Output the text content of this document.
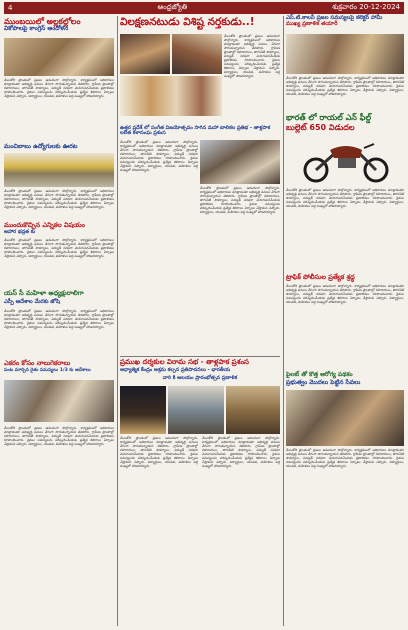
4	ఆంధ్రజ్యోతి	శుక్రవారం 20-12-2024
ముంబయిలో అల్లకల్లోలం
వికోపాలపై కాంగ్రెస్ ఆందోళన
మేలుకోరి ప్రాంతంలో ప్రజలు ఆనందంగా పాల్గొన్నారు. కార్యక్రమంలో అధికారులు మాట్లాడుతూ అభివృద్ధి పనులు వేగంగా సాగుతున్నాయని తెలిపారు. గ్రామీణ ప్రాంతాల్లో రహదారులు, తాగునీటి సౌకర్యాలు, విద్యుత్ సరఫరా మెరుగుపరచేందుకు ప్రణాళికలు రూపొందించారు. రైతుల సమస్యలను పరిష్కరించేందుకు ప్రత్యేక శిబిరాలు ఏర్పాటు చేస్తామని చెప్పారు. విద్యార్థులు, యువత, మహిళలు పెద్ద సంఖ్యలో హాజరయ్యారు.
మంచిబాబు ఉద్యోగులకు ఊరట
మేలుకోరి ప్రాంతంలో ప్రజలు ఆనందంగా పాల్గొన్నారు. కార్యక్రమంలో అధికారులు మాట్లాడుతూ అభివృద్ధి పనులు వేగంగా సాగుతున్నాయని తెలిపారు. గ్రామీణ ప్రాంతాల్లో రహదారులు, తాగునీటి సౌకర్యాలు, విద్యుత్ సరఫరా మెరుగుపరచేందుకు ప్రణాళికలు రూపొందించారు. రైతుల సమస్యలను పరిష్కరించేందుకు ప్రత్యేక శిబిరాలు ఏర్పాటు చేస్తామని చెప్పారు. విద్యార్థులు, యువత, మహిళలు పెద్ద సంఖ్యలో హాజరయ్యారు.
ముందుకొచ్చిన ఎన్నికల విషయం
ఆహార భద్రత కు
మేలుకోరి ప్రాంతంలో ప్రజలు ఆనందంగా పాల్గొన్నారు. కార్యక్రమంలో అధికారులు మాట్లాడుతూ అభివృద్ధి పనులు వేగంగా సాగుతున్నాయని తెలిపారు. గ్రామీణ ప్రాంతాల్లో రహదారులు, తాగునీటి సౌకర్యాలు, విద్యుత్ సరఫరా మెరుగుపరచేందుకు ప్రణాళికలు రూపొందించారు. రైతుల సమస్యలను పరిష్కరించేందుకు ప్రత్యేక శిబిరాలు ఏర్పాటు చేస్తామని చెప్పారు. విద్యార్థులు, యువత, మహిళలు పెద్ద సంఖ్యలో హాజరయ్యారు.
యస్ సీ మహిళా అధ్యక్షురాలిగా
ఎస్పీ ఆదేశాల మేరకు జోషి
మేలుకోరి ప్రాంతంలో ప్రజలు ఆనందంగా పాల్గొన్నారు. కార్యక్రమంలో అధికారులు మాట్లాడుతూ అభివృద్ధి పనులు వేగంగా సాగుతున్నాయని తెలిపారు. గ్రామీణ ప్రాంతాల్లో రహదారులు, తాగునీటి సౌకర్యాలు, విద్యుత్ సరఫరా మెరుగుపరచేందుకు ప్రణాళికలు రూపొందించారు. రైతుల సమస్యలను పరిష్కరించేందుకు ప్రత్యేక శిబిరాలు ఏర్పాటు చేస్తామని చెప్పారు. విద్యార్థులు, యువత, మహిళలు పెద్ద సంఖ్యలో హాజరయ్యారు.
ఎకరం కోసం నాలుగెకరాలు
పంట మార్చిన రైతు సమస్యలు 1/3 కు ఆదేశాలు
మేలుకోరి ప్రాంతంలో ప్రజలు ఆనందంగా పాల్గొన్నారు. కార్యక్రమంలో అధికారులు మాట్లాడుతూ అభివృద్ధి పనులు వేగంగా సాగుతున్నాయని తెలిపారు. గ్రామీణ ప్రాంతాల్లో రహదారులు, తాగునీటి సౌకర్యాలు, విద్యుత్ సరఫరా మెరుగుపరచేందుకు ప్రణాళికలు రూపొందించారు. రైతుల సమస్యలను పరిష్కరించేందుకు ప్రత్యేక శిబిరాలు ఏర్పాటు చేస్తామని చెప్పారు. విద్యార్థులు, యువత, మహిళలు పెద్ద సంఖ్యలో హాజరయ్యారు.
విలక్షణనటుడు విశిష్ట నర్తకుడు..!
మేలుకోరి ప్రాంతంలో ప్రజలు ఆనందంగా పాల్గొన్నారు. కార్యక్రమంలో అధికారులు మాట్లాడుతూ అభివృద్ధి పనులు వేగంగా సాగుతున్నాయని తెలిపారు. గ్రామీణ ప్రాంతాల్లో రహదారులు, తాగునీటి సౌకర్యాలు, విద్యుత్ సరఫరా మెరుగుపరచేందుకు ప్రణాళికలు రూపొందించారు. రైతుల సమస్యలను పరిష్కరించేందుకు ప్రత్యేక శిబిరాలు ఏర్పాటు చేస్తామని చెప్పారు. విద్యార్థులు, యువత, మహిళలు పెద్ద సంఖ్యలో హాజరయ్యారు.
ఉత్తర ప్రదేశ్ లో సంగీత విజయోత్సవం సాగిన మహా బాలికల ప్రతిభ - తాళ్లపాక లలిత కళాసంఘ ప్రశంస
మేలుకోరి ప్రాంతంలో ప్రజలు ఆనందంగా పాల్గొన్నారు. కార్యక్రమంలో అధికారులు మాట్లాడుతూ అభివృద్ధి పనులు వేగంగా సాగుతున్నాయని తెలిపారు. గ్రామీణ ప్రాంతాల్లో రహదారులు, తాగునీటి సౌకర్యాలు, విద్యుత్ సరఫరా మెరుగుపరచేందుకు ప్రణాళికలు రూపొందించారు. రైతుల సమస్యలను పరిష్కరించేందుకు ప్రత్యేక శిబిరాలు ఏర్పాటు చేస్తామని చెప్పారు. విద్యార్థులు, యువత, మహిళలు పెద్ద సంఖ్యలో హాజరయ్యారు.
మేలుకోరి ప్రాంతంలో ప్రజలు ఆనందంగా పాల్గొన్నారు. కార్యక్రమంలో అధికారులు మాట్లాడుతూ అభివృద్ధి పనులు వేగంగా సాగుతున్నాయని తెలిపారు. గ్రామీణ ప్రాంతాల్లో రహదారులు, తాగునీటి సౌకర్యాలు, విద్యుత్ సరఫరా మెరుగుపరచేందుకు ప్రణాళికలు రూపొందించారు. రైతుల సమస్యలను పరిష్కరించేందుకు ప్రత్యేక శిబిరాలు ఏర్పాటు చేస్తామని చెప్పారు. విద్యార్థులు, యువత, మహిళలు పెద్ద సంఖ్యలో హాజరయ్యారు.
ప్రముఖ దర్శకుల విరామ సభ - తాళ్లపాక ప్రశంస
ఆధ్యాత్మిక కేంద్రం ఆశ్రమ కల్పన ప్రతిపాదనలు - భారతీయ
వారి కి ఆలయం ప్రారంభోత్సవ ప్రణాళిక
మేలుకోరి ప్రాంతంలో ప్రజలు ఆనందంగా పాల్గొన్నారు. కార్యక్రమంలో అధికారులు మాట్లాడుతూ అభివృద్ధి పనులు వేగంగా సాగుతున్నాయని తెలిపారు. గ్రామీణ ప్రాంతాల్లో రహదారులు, తాగునీటి సౌకర్యాలు, విద్యుత్ సరఫరా మెరుగుపరచేందుకు ప్రణాళికలు రూపొందించారు. రైతుల సమస్యలను పరిష్కరించేందుకు ప్రత్యేక శిబిరాలు ఏర్పాటు చేస్తామని చెప్పారు. విద్యార్థులు, యువత, మహిళలు పెద్ద సంఖ్యలో హాజరయ్యారు.
మేలుకోరి ప్రాంతంలో ప్రజలు ఆనందంగా పాల్గొన్నారు. కార్యక్రమంలో అధికారులు మాట్లాడుతూ అభివృద్ధి పనులు వేగంగా సాగుతున్నాయని తెలిపారు. గ్రామీణ ప్రాంతాల్లో రహదారులు, తాగునీటి సౌకర్యాలు, విద్యుత్ సరఫరా మెరుగుపరచేందుకు ప్రణాళికలు రూపొందించారు. రైతుల సమస్యలను పరిష్కరించేందుకు ప్రత్యేక శిబిరాలు ఏర్పాటు చేస్తామని చెప్పారు. విద్యార్థులు, యువత, మహిళలు పెద్ద సంఖ్యలో హాజరయ్యారు.
ఎస్.టి.కాలనీ ప్రజల సమస్యలపై కలెక్టర్ హామీ
ముఖ్య ప్రణాళిక తయారీ
మేలుకోరి ప్రాంతంలో ప్రజలు ఆనందంగా పాల్గొన్నారు. కార్యక్రమంలో అధికారులు మాట్లాడుతూ అభివృద్ధి పనులు వేగంగా సాగుతున్నాయని తెలిపారు. గ్రామీణ ప్రాంతాల్లో రహదారులు, తాగునీటి సౌకర్యాలు, విద్యుత్ సరఫరా మెరుగుపరచేందుకు ప్రణాళికలు రూపొందించారు. రైతుల సమస్యలను పరిష్కరించేందుకు ప్రత్యేక శిబిరాలు ఏర్పాటు చేస్తామని చెప్పారు. విద్యార్థులు, యువత, మహిళలు పెద్ద సంఖ్యలో హాజరయ్యారు.
భారత్ లో రాయల్ ఎన్ ఫీల్డ్
బుల్లెట్ 650 విడుదల
మేలుకోరి ప్రాంతంలో ప్రజలు ఆనందంగా పాల్గొన్నారు. కార్యక్రమంలో అధికారులు మాట్లాడుతూ అభివృద్ధి పనులు వేగంగా సాగుతున్నాయని తెలిపారు. గ్రామీణ ప్రాంతాల్లో రహదారులు, తాగునీటి సౌకర్యాలు, విద్యుత్ సరఫరా మెరుగుపరచేందుకు ప్రణాళికలు రూపొందించారు. రైతుల సమస్యలను పరిష్కరించేందుకు ప్రత్యేక శిబిరాలు ఏర్పాటు చేస్తామని చెప్పారు. విద్యార్థులు, యువత, మహిళలు పెద్ద సంఖ్యలో హాజరయ్యారు.
ట్రాఫిక్ పోలీసుల ప్రత్యేక శ్రద్ధ
మేలుకోరి ప్రాంతంలో ప్రజలు ఆనందంగా పాల్గొన్నారు. కార్యక్రమంలో అధికారులు మాట్లాడుతూ అభివృద్ధి పనులు వేగంగా సాగుతున్నాయని తెలిపారు. గ్రామీణ ప్రాంతాల్లో రహదారులు, తాగునీటి సౌకర్యాలు, విద్యుత్ సరఫరా మెరుగుపరచేందుకు ప్రణాళికలు రూపొందించారు. రైతుల సమస్యలను పరిష్కరించేందుకు ప్రత్యేక శిబిరాలు ఏర్పాటు చేస్తామని చెప్పారు. విద్యార్థులు, యువత, మహిళలు పెద్ద సంఖ్యలో హాజరయ్యారు.
పైలట్ తో కొత్త ఆరోగ్య పథకం
ప్రభుత్వం మొదలు పెట్టిన సేవలు
మేలుకోరి ప్రాంతంలో ప్రజలు ఆనందంగా పాల్గొన్నారు. కార్యక్రమంలో అధికారులు మాట్లాడుతూ అభివృద్ధి పనులు వేగంగా సాగుతున్నాయని తెలిపారు. గ్రామీణ ప్రాంతాల్లో రహదారులు, తాగునీటి సౌకర్యాలు, విద్యుత్ సరఫరా మెరుగుపరచేందుకు ప్రణాళికలు రూపొందించారు. రైతుల సమస్యలను పరిష్కరించేందుకు ప్రత్యేక శిబిరాలు ఏర్పాటు చేస్తామని చెప్పారు. విద్యార్థులు, యువత, మహిళలు పెద్ద సంఖ్యలో హాజరయ్యారు.
